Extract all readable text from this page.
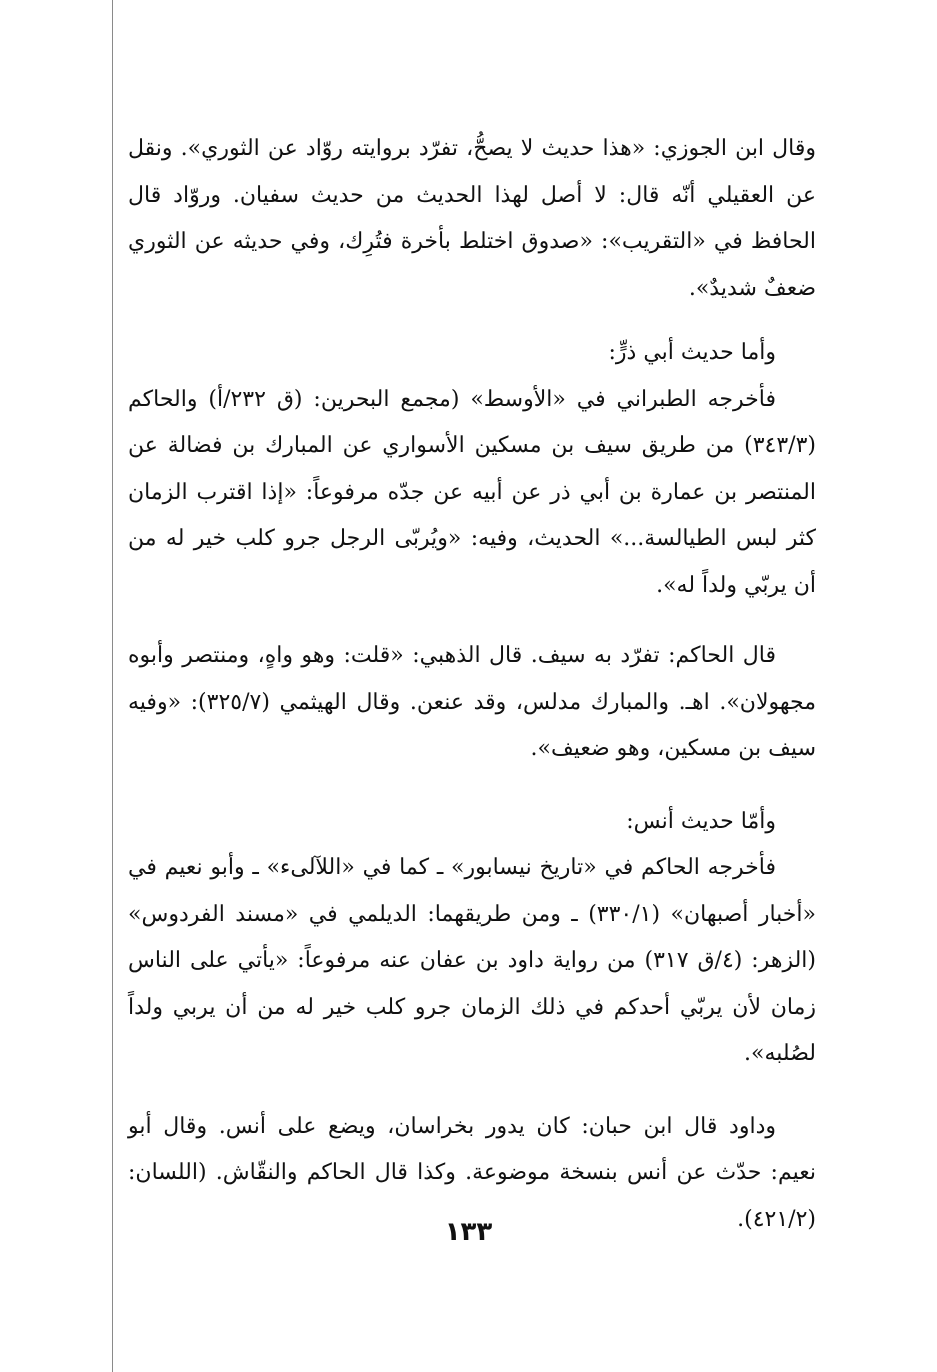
وقال ابن الجوزي: «هذا حديث لا يصحُّ، تفرّد بروايته روّاد عن الثوري». ونقل عن العقيلي أنّه قال: لا أصل لهذا الحديث من حديث سفيان. وروّاد قال الحافظ في «التقريب»: «صدوق اختلط بأخرة فتُرِك، وفي حديثه عن الثوري ضعفٌ شديدٌ».

وأما حديث أبي ذرٍّ:

فأخرجه الطبراني في «الأوسط» (مجمع البحرين: (ق ٢٣٢/أ) والحاكم (٣٤٣/٣) من طريق سيف بن مسكين الأسواري عن المبارك بن فضالة عن المنتصر بن عمارة بن أبي ذر عن أبيه عن جدّه مرفوعاً: «إذا اقترب الزمان كثر لبس الطيالسة...» الحديث، وفيه: «ويُربّى الرجل جرو كلب خير له من أن يربّي ولداً له».

قال الحاكم: تفرّد به سيف. قال الذهبي: «قلت: وهو واهٍ، ومنتصر وأبوه مجهولان». اهـ. والمبارك مدلس، وقد عنعن. وقال الهيثمي (٣٢٥/٧): «وفيه سيف بن مسكين، وهو ضعيف».

وأمّا حديث أنس:

فأخرجه الحاكم في «تاريخ نيسابور» ـ كما في «اللآلىء» ـ وأبو نعيم في «أخبار أصبهان» (٣٣٠/١) ـ ومن طريقهما: الديلمي في «مسند الفردوس» (الزهر: (٤/ق ٣١٧) من رواية داود بن عفان عنه مرفوعاً: «يأتي على الناس زمان لأن يربّي أحدكم في ذلك الزمان جرو كلب خير له من أن يربي ولداً لصُلبه».

وداود قال ابن حبان: كان يدور بخراسان، ويضع على أنس. وقال أبو نعيم: حدّث عن أنس بنسخة موضوعة. وكذا قال الحاكم والنقّاش. (اللسان: (٤٢١/٢).

١٣٣
